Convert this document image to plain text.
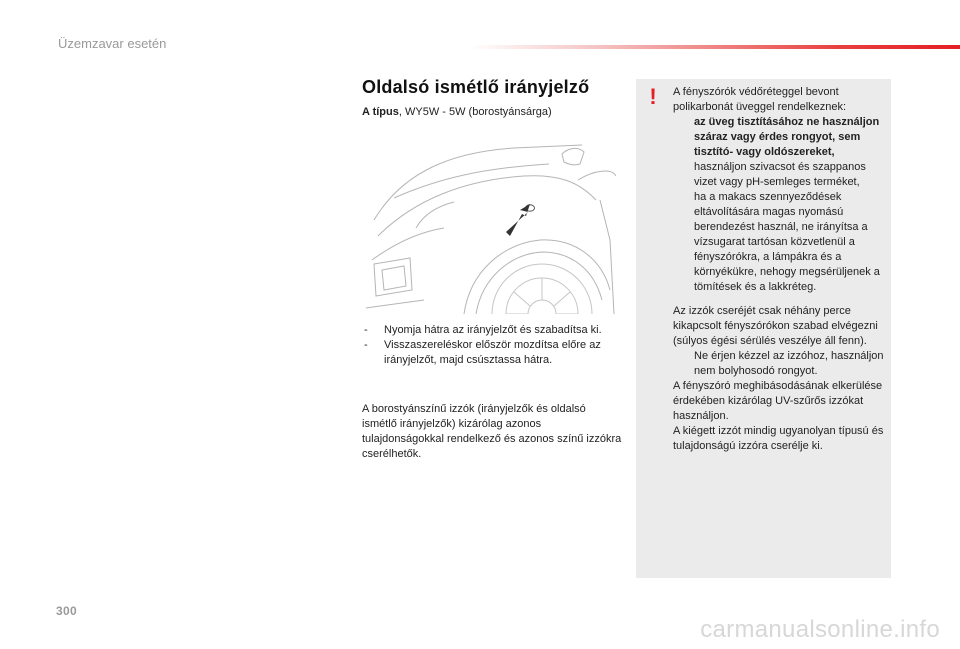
Üzemzavar esetén
Oldalsó ismétlő irányjelző
A típus, WY5W - 5W (borostyánsárga)
- Nyomja hátra az irányjelzőt és szabadítsa ki.
- Visszaszereléskor először mozdítsa előre az irányjelzőt, majd csúsztassa hátra.
A borostyánszínű izzók (irányjelzők és oldalsó ismétlő irányjelzők) kizárólag azonos tulajdonságokkal rendelkező és azonos színű izzókra cserélhetők.
!	A fényszórók védőréteggel bevont polikarbonát üveggel rendelkeznek:

az üveg tisztításához ne használjon száraz vagy érdes rongyot, sem tisztító- vagy oldószereket,
használjon szivacsot és szappanos vizet vagy pH-semleges terméket,
ha a makacs szennyeződések eltávolítására magas nyomású berendezést használ, ne irányítsa a vízsugarat tartósan közvetlenül a fényszórókra, a lámpákra és a környékükre, nehogy megsérüljenek a tömítések és a lakkréteg.

Az izzók cseréjét csak néhány perce kikapcsolt fényszórókon szabad elvégezni (súlyos égési sérülés veszélye áll fenn).

Ne érjen kézzel az izzóhoz, használjon nem bolyhosodó rongyot.

A fényszóró meghibásodásának elkerülése érdekében kizárólag UV-szűrős izzókat használjon.

A kiégett izzót mindig ugyanolyan típusú és tulajdonságú izzóra cserélje ki.

300
carmanualsonline.info
